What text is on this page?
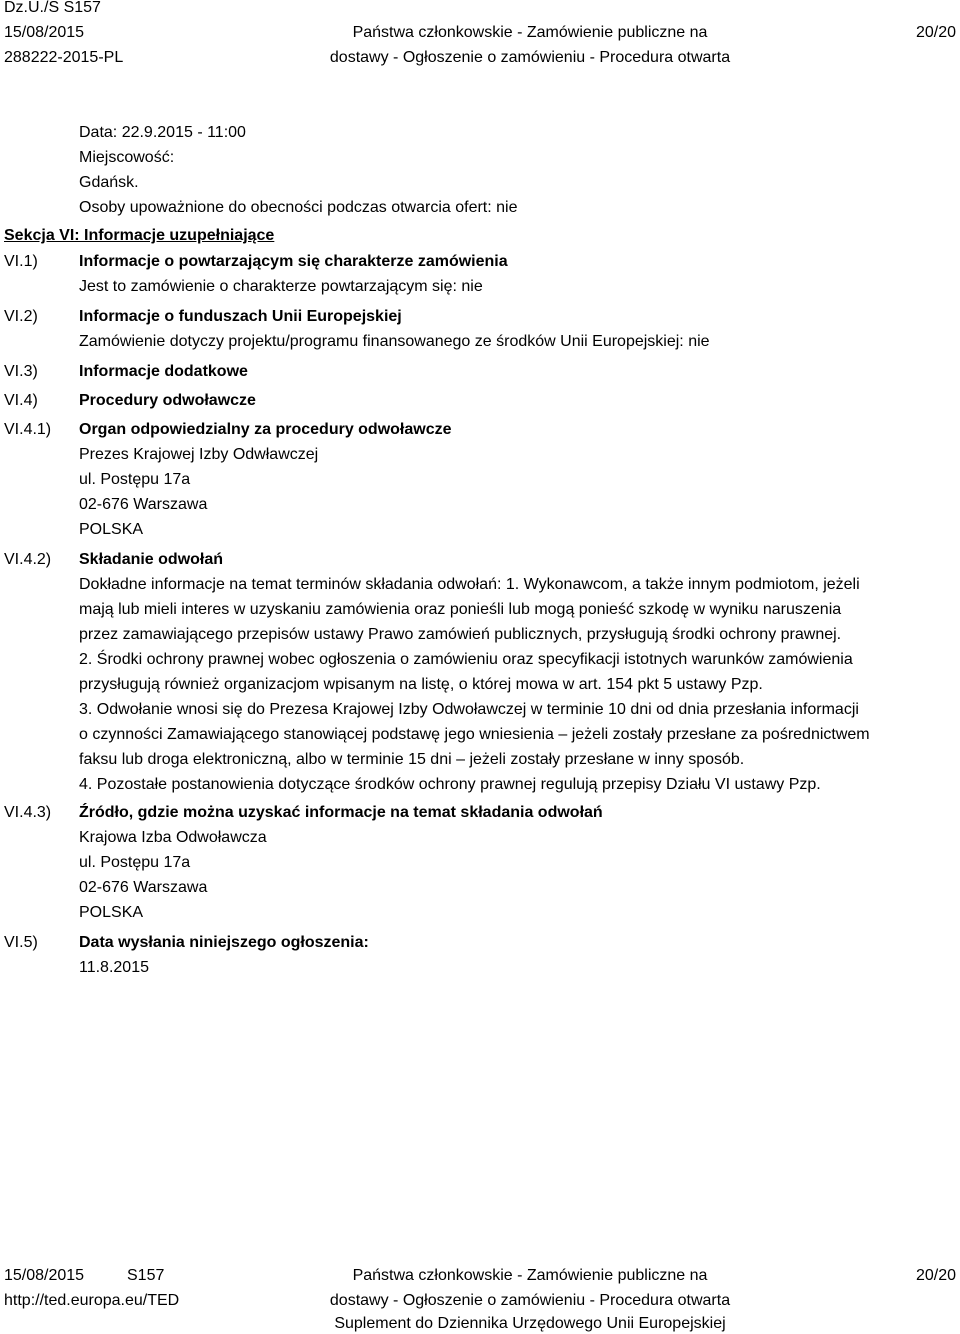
Dz.U./S S157
15/08/2015
288222-2015-PL
Państwa członkowskie - Zamówienie publiczne na
dostawy - Ogłoszenie o zamówieniu - Procedura otwarta
20/20
Data: 22.9.2015 - 11:00
Miejscowość:
Gdańsk.
Osoby upoważnione do obecności podczas otwarcia ofert: nie
Sekcja VI: Informacje uzupełniające
VI.1)	Informacje o powtarzającym się charakterze zamówienia
Jest to zamówienie o charakterze powtarzającym się: nie
VI.2)	Informacje o funduszach Unii Europejskiej
Zamówienie dotyczy projektu/programu finansowanego ze środków Unii Europejskiej: nie
VI.3)	Informacje dodatkowe
VI.4)	Procedury odwoławcze
VI.4.1) Organ odpowiedzialny za procedury odwoławcze
Prezes Krajowej Izby Odwławczej
ul. Postępu 17a
02-676 Warszawa
POLSKA
VI.4.2) Składanie odwołań
Dokładne informacje na temat terminów składania odwołań: 1. Wykonawcom, a także innym podmiotom, jeżeli
mają lub mieli interes w uzyskaniu zamówienia oraz ponieśli lub mogą ponieść szkodę w wyniku naruszenia
przez zamawiającego przepisów ustawy Prawo zamówień publicznych, przysługują środki ochrony prawnej.
2. Środki ochrony prawnej wobec ogłoszenia o zamówieniu oraz specyfikacji istotnych warunków zamówienia
przysługują również organizacjom wpisanym na listę, o której mowa w art. 154 pkt 5 ustawy Pzp.
3. Odwołanie wnosi się do Prezesa Krajowej Izby Odwoławczej w terminie 10 dni od dnia przesłania informacji
o czynności Zamawiającego stanowiącej podstawę jego wniesienia – jeżeli zostały przesłane za pośrednictwem
faksu lub droga elektroniczną, albo w terminie 15 dni – jeżeli zostały przesłane w inny sposób.
4. Pozostałe postanowienia dotyczące środków ochrony prawnej regulują przepisy Działu VI ustawy Pzp.
VI.4.3) Źródło, gdzie można uzyskać informacje na temat składania odwołań
Krajowa Izba Odwoławcza
ul. Postępu 17a
02-676 Warszawa
POLSKA
VI.5)	Data wysłania niniejszego ogłoszenia:
11.8.2015
15/08/2015	S157
http://ted.europa.eu/TED
Państwa członkowskie - Zamówienie publiczne na
dostawy - Ogłoszenie o zamówieniu - Procedura otwarta
Suplement do Dziennika Urzędowego Unii Europejskiej
20/20
